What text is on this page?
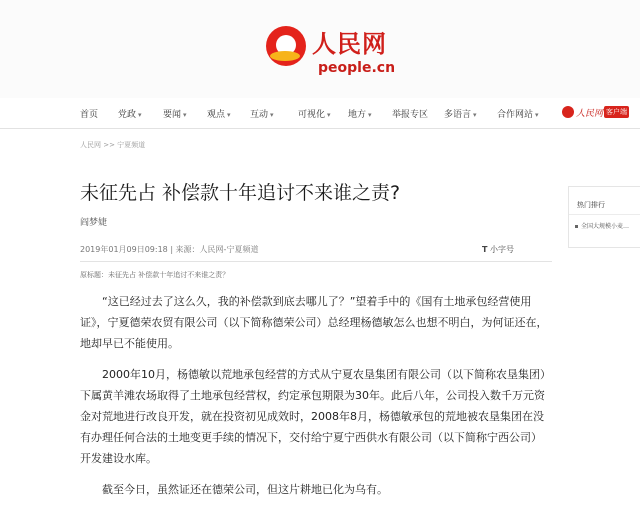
人民网
people.cn
首页 党政 ▾ 要闻 ▾ 观点 ▾ 互动 ▾	可视化 ▾ 地方 ▾ 举报专区 多语言 ▾ 合作网站 ▾	人民网 客户端
人民网 >> 宁夏频道
未征先占 补偿款十年追讨不来谁之责?
阎梦婕
2019年01月09日09:18 | 来源：人民网-宁夏频道	T 小字号
原标题：未征先占 补偿款十年追讨不来谁之责？
“这已经过去了这么久，我的补偿款到底去哪儿了？”望着手中的《国有土地承包经营使用证》，宁夏德荣农贸有限公司（以下简称德荣公司）总经理杨德敏怎么也想不明白，为何证还在，地却早已不能使用。
2000年10月，杨德敏以荒地承包经营的方式从宁夏农垦集团有限公司（以下简称农垦集团）下属黄羊滩农场取得了土地承包经营权，约定承包期限为30年。此后八年，公司投入数千万元资金对荒地进行改良开发，就在投资初见成效时，2008年8月，杨德敏承包的荒地被农垦集团在没有办理任何合法的土地变更手续的情况下，交付给宁夏宁西供水有限公司（以下简称宁西公司）开发建设水库。
截至今日，虽然证还在德荣公司，但这片耕地已化为乌有。
热门排行
全国大规模小麦…
